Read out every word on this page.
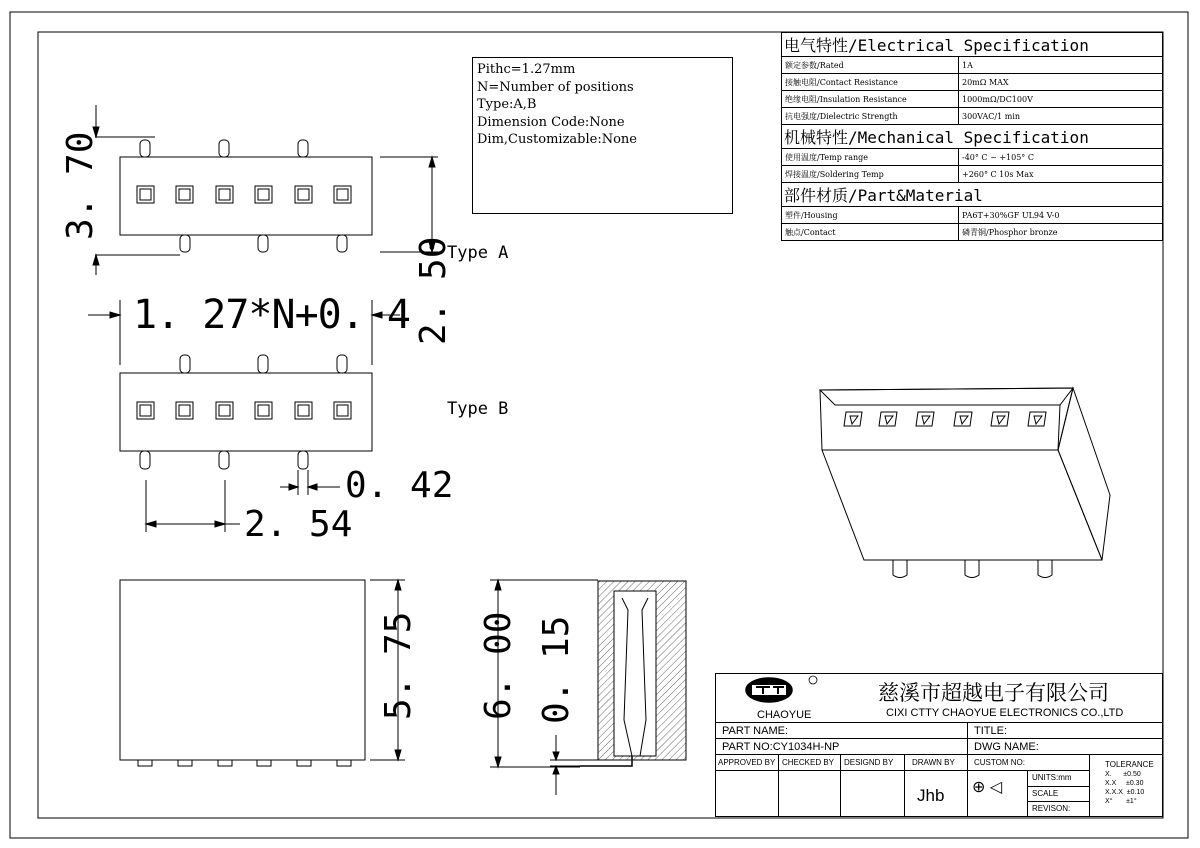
3. 70
2. 50
Type A
1. 27*N+0. 4
Type B
0. 42
2. 54
5. 75 6. 00 0. 15
Pithc=1.27mm
N=Number of positions
Type:A,B
Dimension Code:None
Dim,Customizable:None
电气特性/Electrical Specification	
额定参数/Rated	1A
接触电阻/Contact Resistance	20mΩ MAX
绝缘电阻/Insulation Resistance	1000mΩ/DC100V
抗电强度/Dielectric Strength	300VAC/1 min
机械特性/Mechanical Specification	
使用温度/Temp range	-40° C ~ +105° C
焊接温度/Soldering Temp	+260° C 10s Max
部件材质/Part&Material	
塑件/Housing	PA6T+30%GF UL94 V-0
触点/Contact	磷青铜/Phosphor bronze
CHAOYUE
慈溪市超越电子有限公司
CIXI CTTY CHAOYUE ELECTRONICS CO.,LTD
PART NAME:	TITLE:
PART NO:CY1034H-NP	DWG NAME:
APPROVED BY CHECKED BY DESIGND BY DRAWN BY
Jhb
CUSTOM NO:
⊕ ◁
UNITS:mm
SCALE
REVISON:
TOLERANCE
X.      ±0.50
X.X     ±0.30
X.X.X  ±0.10
X°       ±1°
